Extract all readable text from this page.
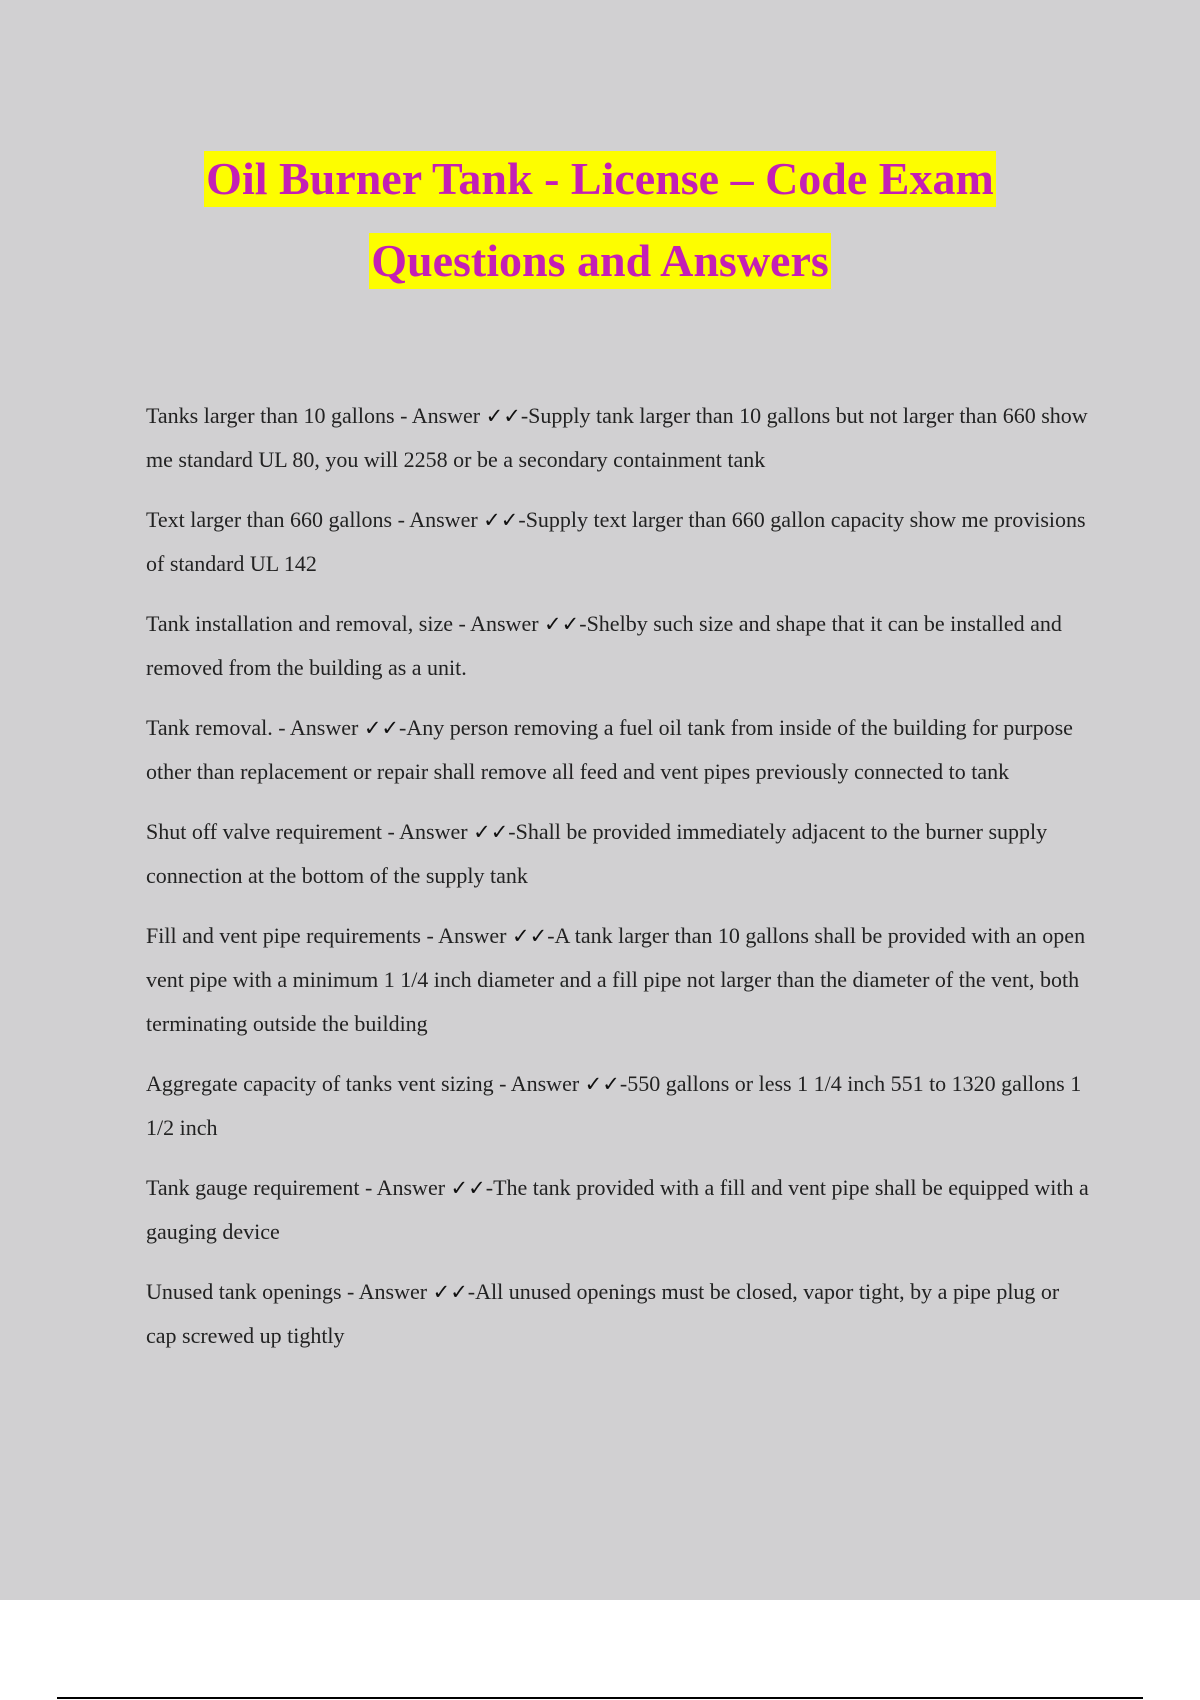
Oil Burner Tank - License – Code Exam
Questions and Answers

Tanks larger than 10 gallons - Answer ✓✓-Supply tank larger than 10 gallons but not larger than 660 show me standard UL 80, you will 2258 or be a secondary containment tank

Text larger than 660 gallons - Answer ✓✓-Supply text larger than 660 gallon capacity show me provisions of standard UL 142

Tank installation and removal, size - Answer ✓✓-Shelby such size and shape that it can be installed and removed from the building as a unit.

Tank removal. - Answer ✓✓-Any person removing a fuel oil tank from inside of the building for purpose other than replacement or repair shall remove all feed and vent pipes previously connected to tank

Shut off valve requirement - Answer ✓✓-Shall be provided immediately adjacent to the burner supply connection at the bottom of the supply tank

Fill and vent pipe requirements - Answer ✓✓-A tank larger than 10 gallons shall be provided with an open vent pipe with a minimum 1 1/4 inch diameter and a fill pipe not larger than the diameter of the vent, both terminating outside the building

Aggregate capacity of tanks vent sizing - Answer ✓✓-550 gallons or less 1 1/4 inch 551 to 1320 gallons 1 1/2 inch

Tank gauge requirement - Answer ✓✓-The tank provided with a fill and vent pipe shall be equipped with a gauging device

Unused tank openings - Answer ✓✓-All unused openings must be closed, vapor tight, by a pipe plug or cap screwed up tightly
